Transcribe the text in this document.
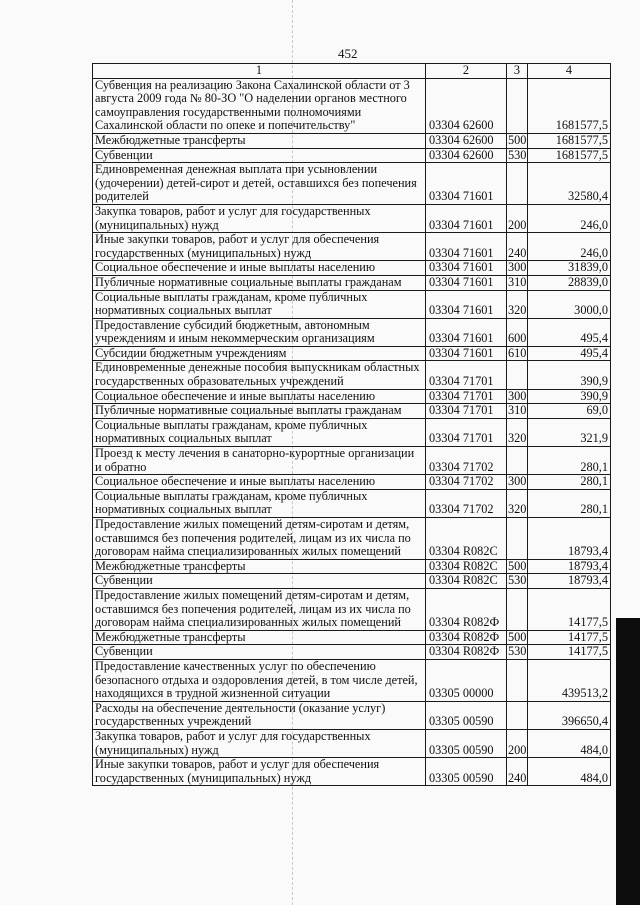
452
1	2	3	4
Субвенция на реализацию Закона Сахалинской области от 3 августа 2009 года № 80-ЗО "О наделении органов местного самоуправления государственными полномочиями Сахалинской области по опеке и попечительству"	03304 62600		1681577,5
Межбюджетные трансферты	03304 62600	500	1681577,5
Субвенции	03304 62600	530	1681577,5
Единовременная денежная выплата при усыновлении (удочерении) детей-сирот и детей, оставшихся без попечения родителей	03304 71601		32580,4
Закупка товаров, работ и услуг для государственных (муниципальных) нужд	03304 71601	200	246,0
Иные закупки товаров, работ и услуг для обеспечения государственных (муниципальных) нужд	03304 71601	240	246,0
Социальное обеспечение и иные выплаты населению	03304 71601	300	31839,0
Публичные нормативные социальные выплаты гражданам	03304 71601	310	28839,0
Социальные выплаты гражданам, кроме публичных нормативных социальных выплат	03304 71601	320	3000,0
Предоставление субсидий бюджетным, автономным учреждениям и иным некоммерческим организациям	03304 71601	600	495,4
Субсидии бюджетным учреждениям	03304 71601	610	495,4
Единовременные денежные пособия выпускникам областных государственных образовательных учреждений	03304 71701		390,9
Социальное обеспечение и иные выплаты населению	03304 71701	300	390,9
Публичные нормативные социальные выплаты гражданам	03304 71701	310	69,0
Социальные выплаты гражданам, кроме публичных нормативных социальных выплат	03304 71701	320	321,9
Проезд к месту лечения в санаторно-курортные организации и обратно	03304 71702		280,1
Социальное обеспечение и иные выплаты населению	03304 71702	300	280,1
Социальные выплаты гражданам, кроме публичных нормативных социальных выплат	03304 71702	320	280,1
Предоставление жилых помещений детям-сиротам и детям, оставшимся без попечения родителей, лицам из их числа по договорам найма специализированных жилых помещений	03304 R082C		18793,4
Межбюджетные трансферты	03304 R082C	500	18793,4
Субвенции	03304 R082C	530	18793,4
Предоставление жилых помещений детям-сиротам и детям, оставшимся без попечения родителей, лицам из их числа по договорам найма специализированных жилых помещений	03304 R082Ф		14177,5
Межбюджетные трансферты	03304 R082Ф	500	14177,5
Субвенции	03304 R082Ф	530	14177,5
Предоставление качественных услуг по обеспечению безопасного отдыха и оздоровления детей, в том числе детей, находящихся в трудной жизненной ситуации	03305 00000		439513,2
Расходы на обеспечение деятельности (оказание услуг) государственных учреждений	03305 00590		396650,4
Закупка товаров, работ и услуг для государственных (муниципальных) нужд	03305 00590	200	484,0
Иные закупки товаров, работ и услуг для обеспечения государственных (муниципальных) нужд	03305 00590	240	484,0
